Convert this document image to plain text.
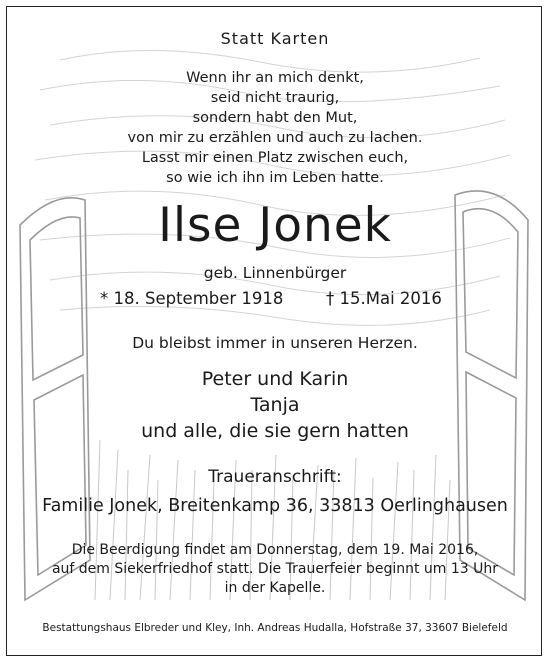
Statt Karten
Wenn ihr an mich denkt,
seid nicht traurig,
sondern habt den Mut,
von mir zu erzählen und auch zu lachen.
Lasst mir einen Platz zwischen euch,
so wie ich ihn im Leben hatte.
Ilse Jonek
geb. Linnenbürger
* 18. September 1918	† 15.Mai 2016
Du bleibst immer in unseren Herzen.
Peter und Karin
Tanja
und alle, die sie gern hatten
Traueranschrift:
Familie Jonek, Breitenkamp 36, 33813 Oerlinghausen
Die Beerdigung findet am Donnerstag, dem 19. Mai 2016,
auf dem Siekerfriedhof statt. Die Trauerfeier beginnt um 13 Uhr
in der Kapelle.
Bestattungshaus Elbreder und Kley, Inh. Andreas Hudalla, Hofstraße 37, 33607 Bielefeld
